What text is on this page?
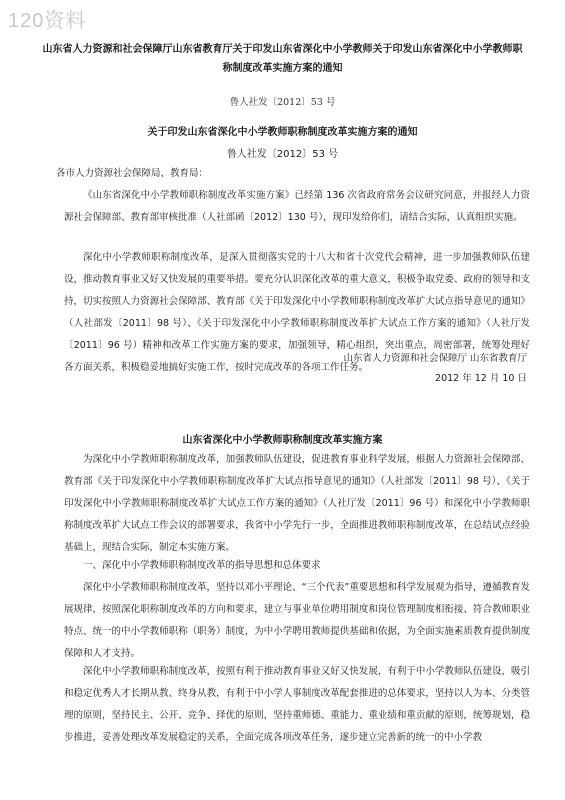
120资料
山东省人力资源和社会保障厅山东省教育厅关于印发山东省深化中小学教师关于印发山东省深化中小学教师职称制度改革实施方案的通知
鲁人社发〔2012〕53 号
关于印发山东省深化中小学教师职称制度改革实施方案的通知
鲁人社发〔2012〕53 号
各市人力资源社会保障局、教育局：
《山东省深化中小学教师职称制度改革实施方案》已经第 136 次省政府常务会议研究同意，并报经人力资源社会保障部、教育部审核批准（人社部函〔2012〕130 号），现印发给你们，请结合实际，认真组织实施。
深化中小学教师职称制度改革，是深入贯彻落实党的十八大和省十次党代会精神，进一步加强教师队伍建设，推动教育事业又好又快发展的重要举措。要充分认识深化改革的重大意义，积极争取党委、政府的领导和支持，切实按照人力资源社会保障部、教育部《关于印发深化中小学教师职称制度改革扩大试点指导意见的通知》（人社部发〔2011〕98 号）、《关于印发深化中小学教师职称制度改革扩大试点工作方案的通知》（人社厅发〔2011〕96 号）精神和改革工作实施方案的要求，加强领导，精心组织，突出重点，周密部署，统筹处理好各方面关系，积极稳妥地搞好实施工作，按时完成改革的各项工作任务。
山东省人力资源和社会保障厅 山东省教育厅
2012 年 12 月 10 日
山东省深化中小学教师职称制度改革实施方案
为深化中小学教师职称制度改革，加强教师队伍建设，促进教育事业科学发展，根据人力资源社会保障部、教育部《关于印发深化中小学教师职称制度改革扩大试点指导意见的通知》（人社部发〔2011〕98 号）、《关于印发深化中小学教师职称制度改革扩大试点工作方案的通知》（人社厅发〔2011〕96 号）和深化中小学教师职称制度改革扩大试点工作会议的部署要求，我省中小学先行一步，全面推进教师职称制度改革，在总结试点经验基础上，现结合实际，制定本实施方案。
一、深化中小学教师职称制度改革的指导思想和总体要求
深化中小学教师职称制度改革，坚持以邓小平理论、“三个代表”重要思想和科学发展观为指导，遵循教育发展规律，按照深化职称制度改革的方向和要求，建立与事业单位聘用制度和岗位管理制度相衔接、符合教师职业特点、统一的中小学教师职称（职务）制度，为中小学聘用教师提供基础和依据，为全面实施素质教育提供制度保障和人才支持。
深化中小学教师职称制度改革，按照有利于推动教育事业又好又快发展，有利于中小学教师队伍建设，吸引和稳定优秀人才长期从教、终身从教，有利于中小学人事制度改革配套推进的总体要求，坚持以人为本、分类管理的原则，坚持民主、公开、竞争、择优的原则，坚持重师德、重能力、重业绩和重贡献的原则，统筹规划，稳步推进，妥善处理改革发展稳定的关系，全面完成各项改革任务，逐步建立完善新的统一的中小学教
